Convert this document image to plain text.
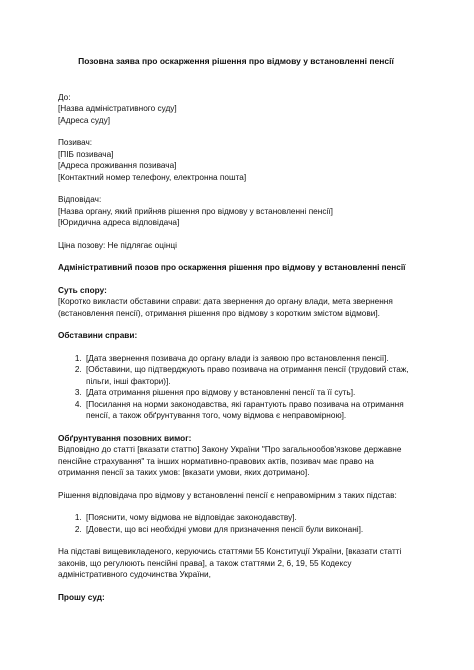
Позовна заява про оскарження рішення про відмову у встановленні пенсії
До:
[Назва адміністративного суду]
[Адреса суду]
Позивач:
[ПІБ позивача]
[Адреса проживання позивача]
[Контактний номер телефону, електронна пошта]
Відповідач:
[Назва органу, який прийняв рішення про відмову у встановленні пенсії]
[Юридична адреса відповідача]
Ціна позову: Не підлягає оцінці
Адміністративний позов про оскарження рішення про відмову у встановленні пенсії
Суть спору:
[Коротко викласти обставини справи: дата звернення до органу влади, мета звернення (встановлення пенсії), отримання рішення про відмову з коротким змістом відмови].
Обставини справи:
1. [Дата звернення позивача до органу влади із заявою про встановлення пенсії].
2. [Обставини, що підтверджують право позивача на отримання пенсії (трудовий стаж, пільги, інші фактори)].
3. [Дата отримання рішення про відмову у встановленні пенсії та її суть].
4. [Посилання на норми законодавства, які гарантують право позивача на отримання пенсії, а також обґрунтування того, чому відмова є неправомірною].
Обґрунтування позовних вимог:
Відповідно до статті [вказати статтю] Закону України "Про загальнообов'язкове державне пенсійне страхування" та інших нормативно-правових актів, позивач має право на отримання пенсії за таких умов: [вказати умови, яких дотримано].
Рішення відповідача про відмову у встановленні пенсії є неправомірним з таких підстав:
1. [Пояснити, чому відмова не відповідає законодавству].
2. [Довести, що всі необхідні умови для призначення пенсії були виконані].
На підставі вищевикладеного, керуючись статтями 55 Конституції України, [вказати статті законів, що регулюють пенсійні права], а також статтями 2, 6, 19, 55 Кодексу адміністративного судочинства України,
Прошу суд:
